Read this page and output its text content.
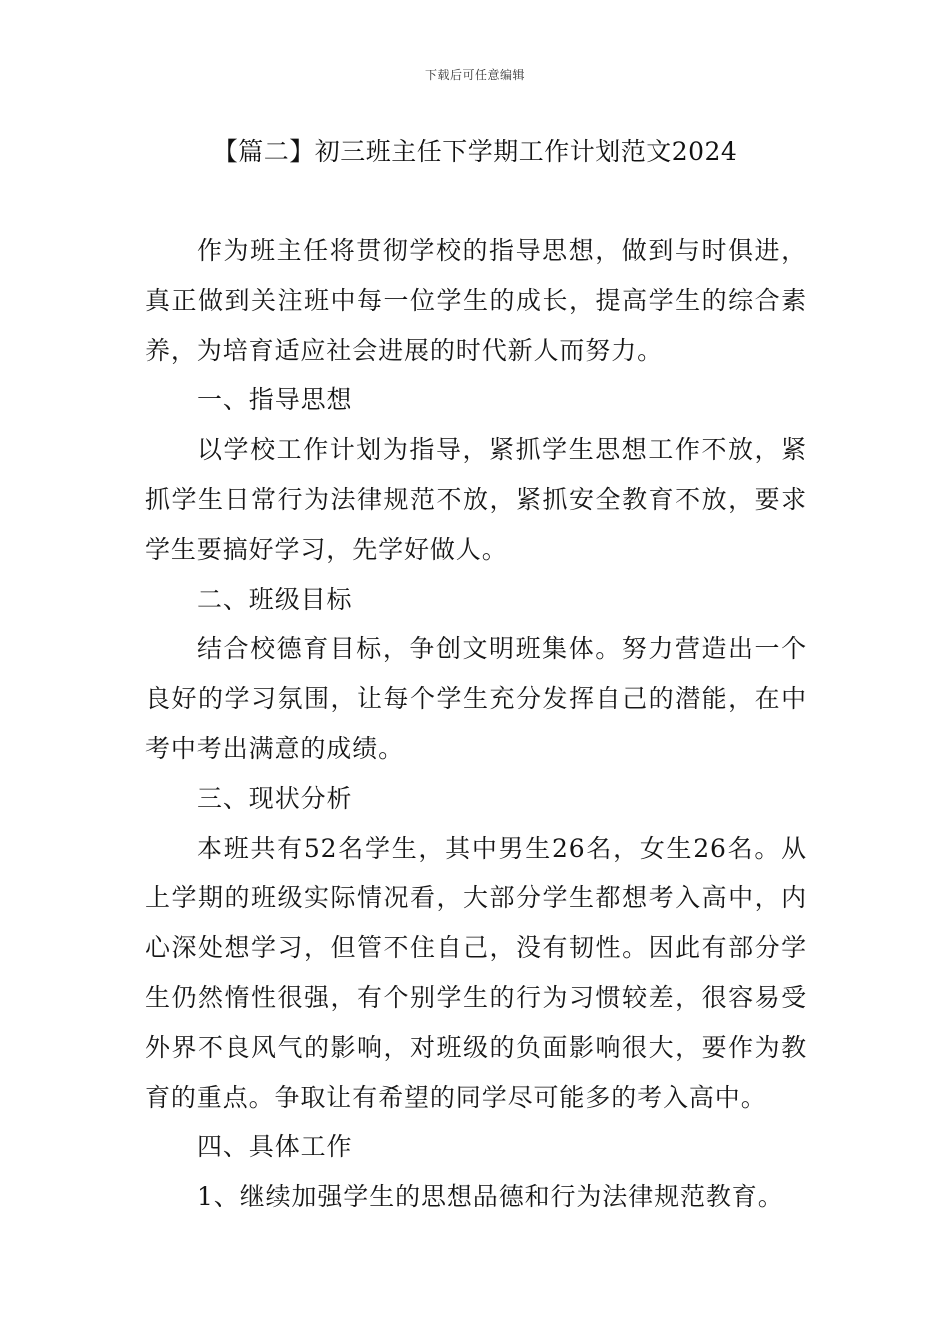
下载后可任意编辑
【篇二】初三班主任下学期工作计划范文2024

作为班主任将贯彻学校的指导思想，做到与时俱进，真正做到关注班中每一位学生的成长，提高学生的综合素养，为培育适应社会进展的时代新人而努力。

一、指导思想

以学校工作计划为指导，紧抓学生思想工作不放，紧抓学生日常行为法律规范不放，紧抓安全教育不放，要求学生要搞好学习，先学好做人。

二、班级目标

结合校德育目标，争创文明班集体。努力营造出一个良好的学习氛围，让每个学生充分发挥自己的潜能，在中考中考出满意的成绩。

三、现状分析

本班共有52名学生，其中男生26名，女生26名。从上学期的班级实际情况看，大部分学生都想考入高中，内心深处想学习，但管不住自己，没有韧性。因此有部分学生仍然惰性很强，有个别学生的行为习惯较差，很容易受外界不良风气的影响，对班级的负面影响很大，要作为教育的重点。争取让有希望的同学尽可能多的考入高中。

四、具体工作

1、继续加强学生的思想品德和行为法律规范教育。
